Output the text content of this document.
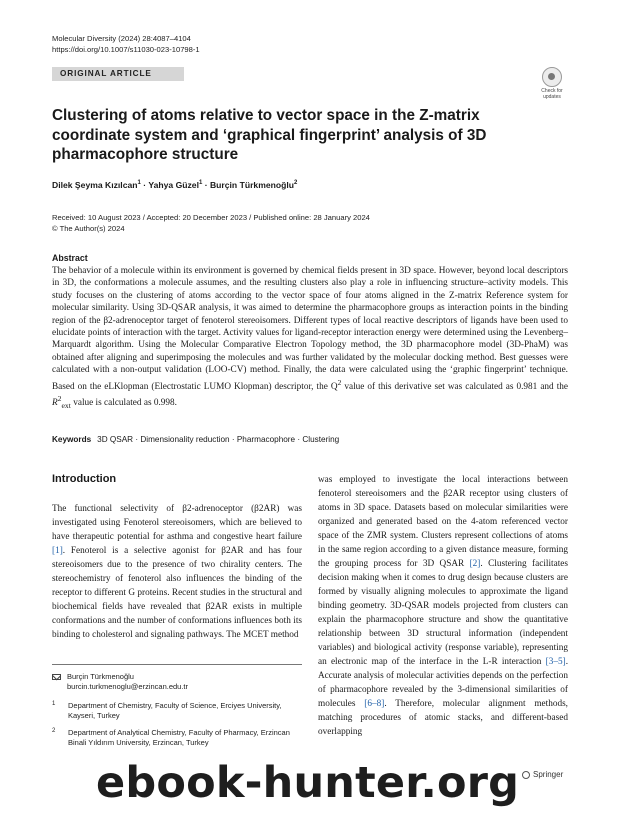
Molecular Diversity (2024) 28:4087–4104
https://doi.org/10.1007/s11030-023-10798-1
ORIGINAL ARTICLE
Check for
updates
Clustering of atoms relative to vector space in the Z‑matrix coordinate system and ‘graphical fingerprint’ analysis of 3D pharmacophore structure
Dilek Şeyma Kızılcan$^1$ · Yahya Güzel$^1$ · Burçin Türkmenoğlu$^2$
Received: 10 August 2023 / Accepted: 20 December 2023 / Published online: 28 January 2024
© The Author(s) 2024
Abstract

The behavior of a molecule within its environment is governed by chemical fields present in 3D space. However, beyond local descriptors in 3D, the conformations a molecule assumes, and the resulting clusters also play a role in influencing structure–activity models. This study focuses on the clustering of atoms according to the vector space of four atoms aligned in the Z-matrix Reference system for molecular similarity. Using 3D-QSAR analysis, it was aimed to determine the pharmacophore groups as interaction points in the binding region of the β2-adrenoceptor target of fenoterol stereoisomers. Different types of local reactive descriptors of ligands have been used to elucidate points of interaction with the target. Activity values for ligand-receptor interaction energy were determined using the Levenberg–Marquardt algorithm. Using the Molecular Comparative Electron Topology method, the 3D pharmacophore model (3D-PhaM) was obtained after aligning and superimposing the molecules and was further validated by the molecular docking method. Best guesses were calculated with a non-output validation (LOO-CV) method. Finally, the data were calculated using the ‘graphic fingerprint’ technique. Based on the eLKlopman (Electrostatic LUMO Klopman) descriptor, the $Q^2$ value of this derivative set was calculated as 0.981 and the $R^2_{ext}$ value is calculated as 0.998.

Keywords 3D QSAR · Dimensionality reduction · Pharmacophore · Clustering
Introduction

The functional selectivity of β2-adrenoceptor (β2AR) was investigated using Fenoterol stereoisomers, which are believed to have therapeutic potential for asthma and congestive heart failure [1]. Fenoterol is a selective agonist for β2AR and has four stereoisomers due to the presence of two chirality centers. The stereochemistry of fenoterol also influences the binding of the receptor to different G proteins. Recent studies in the structural and biochemical fields have revealed that β2AR exists in multiple conformations and the number of conformations influences both its binding to cholesterol and signaling pathways. The MCET method

was employed to investigate the local interactions between fenoterol stereoisomers and the β2AR receptor using clusters of atoms in 3D space. Datasets based on molecular similarities were organized and generated based on the 4-atom referenced vector space of the ZMR system. Clusters represent collections of atoms in the same region according to a given distance measure, forming the grouping process for 3D QSAR [2]. Clustering facilitates decision making when it comes to drug design because clusters are formed by visually aligning molecules to approximate the ligand binding geometry. 3D-QSAR models projected from clusters can explain the pharmacophore structure and show the quantitative relationship between 3D structural information (independent variables) and biological activity (response variable), representing an electronic map of the interface in the L-R interaction [3–5]. Accurate analysis of molecular activities depends on the perfection of pharmacophore revealed by the 3-dimensional similarities of molecules [6–8]. Therefore, molecular alignment methods, matching procedures of atomic stacks, and different-based overlapping

Burçin Türkmenoğlu
burcin.turkmenoglu@erzincan.edu.tr
1 Department of Chemistry, Faculty of Science, Erciyes University, Kayseri, Turkey
2 Department of Analytical Chemistry, Faculty of Pharmacy, Erzincan Binali Yıldırım University, Erzincan, Turkey
Springer
ebook-hunter.org
